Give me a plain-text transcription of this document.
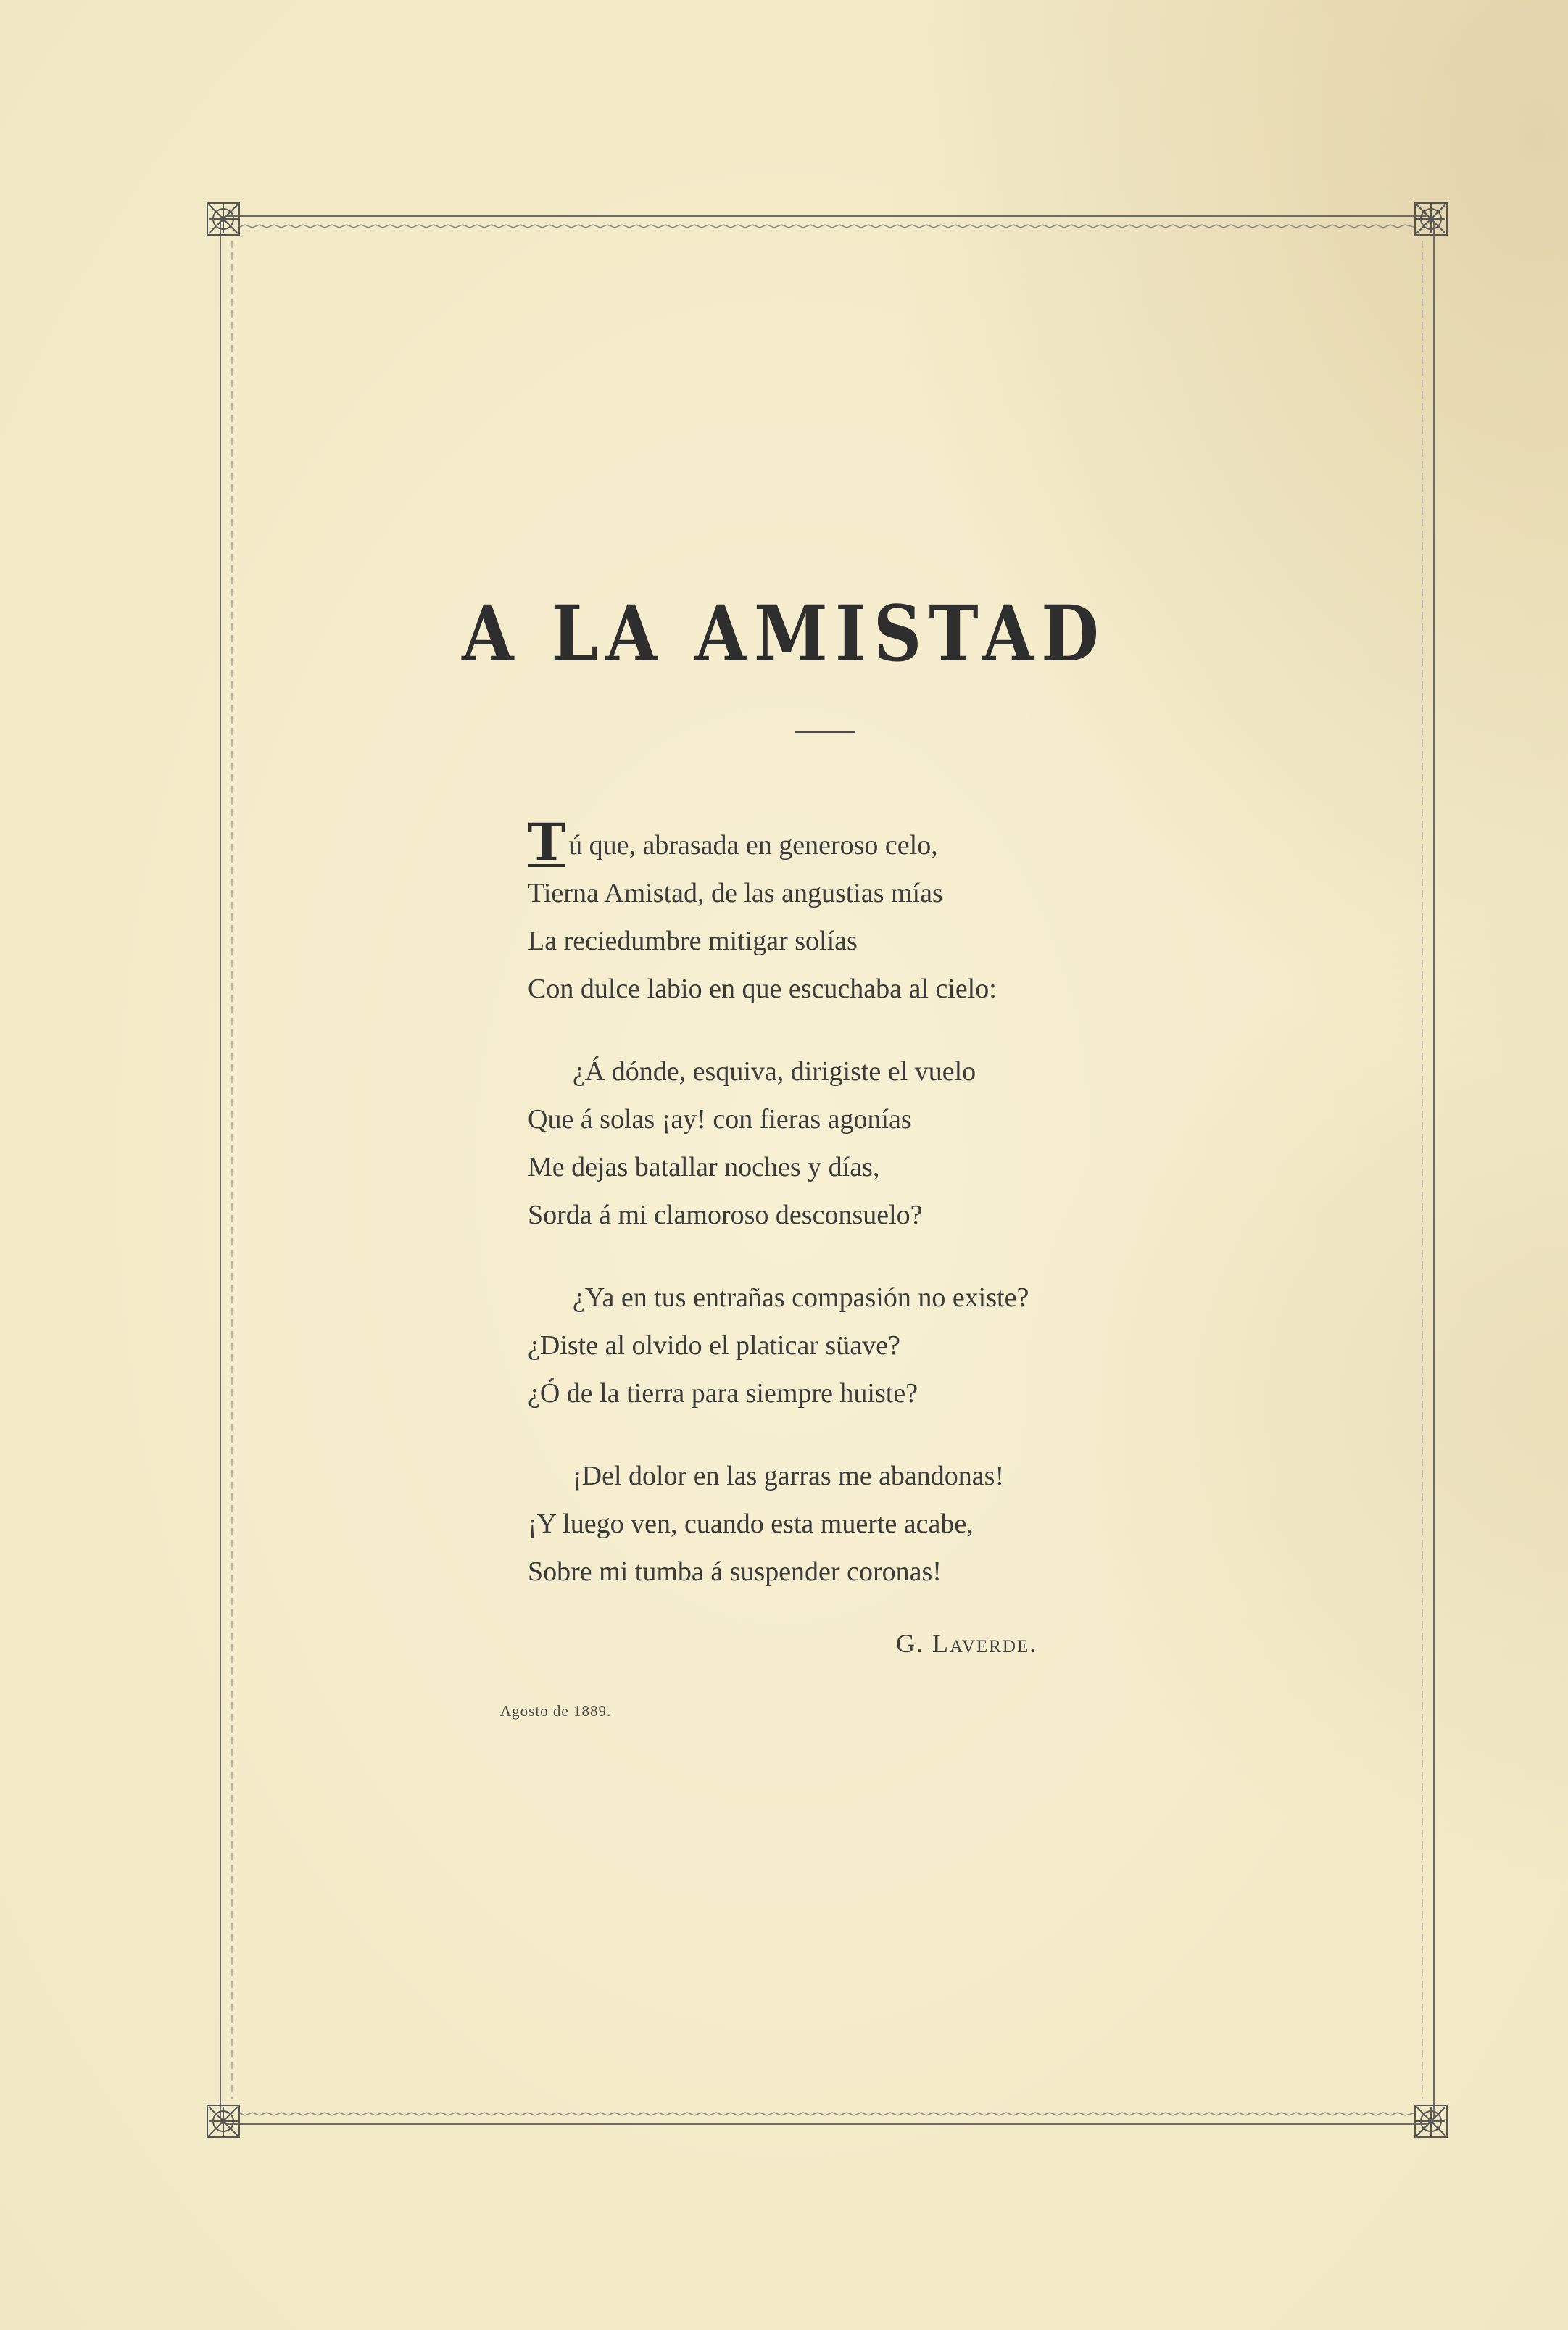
A LA AMISTAD
T ú que, abrasada en generoso celo,
Tierna Amistad, de las angustias mías
La reciedumbre mitigar solías
Con dulce labio en que escuchaba al cielo:
¿Á dónde, esquiva, dirigiste el vuelo
Que á solas ¡ay! con fieras agonías
Me dejas batallar noches y días,
Sorda á mi clamoroso desconsuelo?
¿Ya en tus entrañas compasión no existe?
¿Diste al olvido el platicar süave?
¿Ó de la tierra para siempre huiste?
¡Del dolor en las garras me abandonas!
¡Y luego ven, cuando esta muerte acabe,
Sobre mi tumba á suspender coronas!
G. Laverde.
Agosto de 1889.
